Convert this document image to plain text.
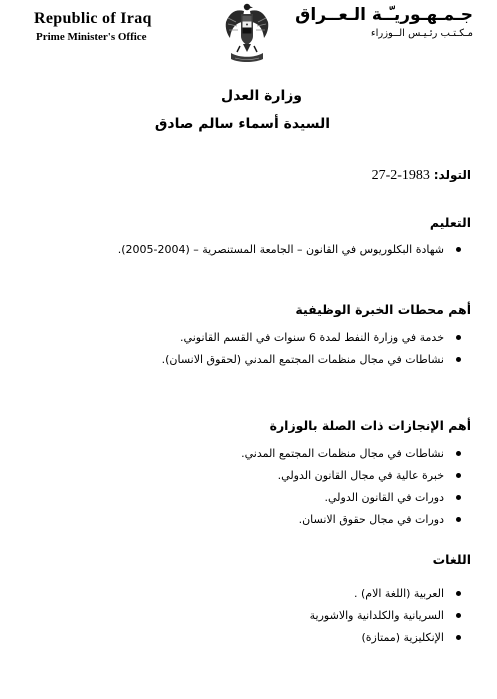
Republic of Iraq
Prime Minister's Office
جـمـهـوريـّـة الـعــراق
مـكـتـب رئـيـس الــوزراء
وزارة العدل
السيدة أسماء سالم صادق
التولد: 27-2-1983
التعليم
شهادة البكلوريوس في القانون – الجامعة المستنصرية – (2004-2005).
أهم محطات الخبرة الوظيفية
خدمة في وزارة النفط لمدة 6 سنوات في القسم القانوني.
نشاطات في مجال منظمات المجتمع المدني (لحقوق الانسان).
أهم الإنجازات ذات الصلة بالوزارة
نشاطات في مجال منظمات المجتمع المدني.
خبرة عالية في مجال القانون الدولي.
دورات في القانون الدولي.
دورات في مجال حقوق الانسان.
اللغات
العربية (اللغة الام) .
السريانية والكلدانية والاشورية
الإنكليزية (ممتازة)
